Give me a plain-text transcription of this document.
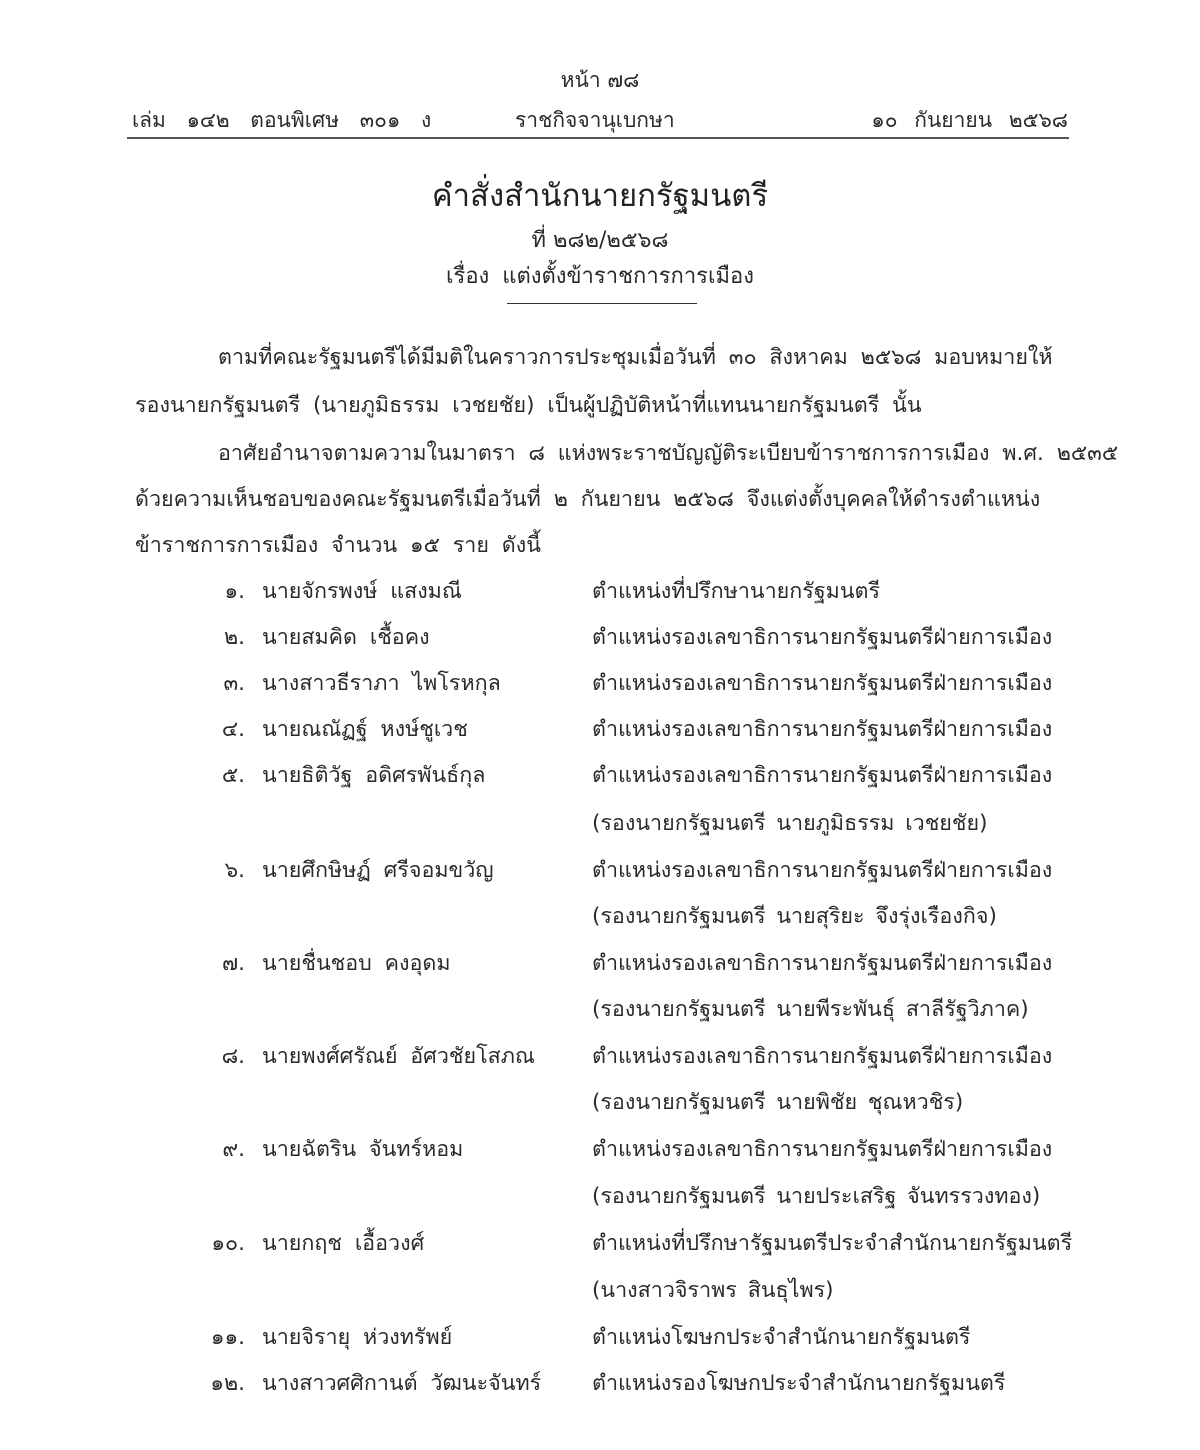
หน้า ๗๘
เล่ม ๑๔๒ ตอนพิเศษ ๓๐๑ ง	ราชกิจจานุเบกษา	๑๐ กันยายน ๒๕๖๘
คำสั่งสำนักนายกรัฐมนตรี
ที่ ๒๘๒/๒๕๖๘
เรื่อง แต่งตั้งข้าราชการการเมือง
ตามที่คณะรัฐมนตรีได้มีมติในคราวการประชุมเมื่อวันที่ ๓๐ สิงหาคม ๒๕๖๘ มอบหมายให้
รองนายกรัฐมนตรี (นายภูมิธรรม เวชยชัย) เป็นผู้ปฏิบัติหน้าที่แทนนายกรัฐมนตรี นั้น
อาศัยอำนาจตามความในมาตรา ๘ แห่งพระราชบัญญัติระเบียบข้าราชการการเมือง พ.ศ. ๒๕๓๕
ด้วยความเห็นชอบของคณะรัฐมนตรีเมื่อวันที่ ๒ กันยายน ๒๕๖๘ จึงแต่งตั้งบุคคลให้ดำรงตำแหน่ง
ข้าราชการการเมือง จำนวน ๑๕ ราย ดังนี้
๑. นายจักรพงษ์ แสงมณี	ตำแหน่งที่ปรึกษานายกรัฐมนตรี
๒. นายสมคิด เชื้อคง	ตำแหน่งรองเลขาธิการนายกรัฐมนตรีฝ่ายการเมือง
๓. นางสาวธีราภา ไพโรหกุล	ตำแหน่งรองเลขาธิการนายกรัฐมนตรีฝ่ายการเมือง
๔. นายณณัฏฐ์ หงษ์ชูเวช	ตำแหน่งรองเลขาธิการนายกรัฐมนตรีฝ่ายการเมือง
๕. นายธิติวัฐ อดิศรพันธ์กุล	ตำแหน่งรองเลขาธิการนายกรัฐมนตรีฝ่ายการเมือง
(รองนายกรัฐมนตรี นายภูมิธรรม เวชยชัย)
๖. นายศึกษิษฏ์ ศรีจอมขวัญ	ตำแหน่งรองเลขาธิการนายกรัฐมนตรีฝ่ายการเมือง
(รองนายกรัฐมนตรี นายสุริยะ จึงรุ่งเรืองกิจ)
๗. นายชื่นชอบ คงอุดม	ตำแหน่งรองเลขาธิการนายกรัฐมนตรีฝ่ายการเมือง
(รองนายกรัฐมนตรี นายพีระพันธุ์ สาลีรัฐวิภาค)
๘. นายพงศ์ศรัณย์ อัศวชัยโสภณ	ตำแหน่งรองเลขาธิการนายกรัฐมนตรีฝ่ายการเมือง
(รองนายกรัฐมนตรี นายพิชัย ชุณหวชิร)
๙. นายฉัตริน จันทร์หอม	ตำแหน่งรองเลขาธิการนายกรัฐมนตรีฝ่ายการเมือง
(รองนายกรัฐมนตรี นายประเสริฐ จันทรรวงทอง)
๑๐. นายกฤช เอื้อวงศ์	ตำแหน่งที่ปรึกษารัฐมนตรีประจำสำนักนายกรัฐมนตรี
(นางสาวจิราพร สินธุไพร)
๑๑. นายจิรายุ ห่วงทรัพย์	ตำแหน่งโฆษกประจำสำนักนายกรัฐมนตรี
๑๒. นางสาวศศิกานต์ วัฒนะจันทร์ ตำแหน่งรองโฆษกประจำสำนักนายกรัฐมนตรี
